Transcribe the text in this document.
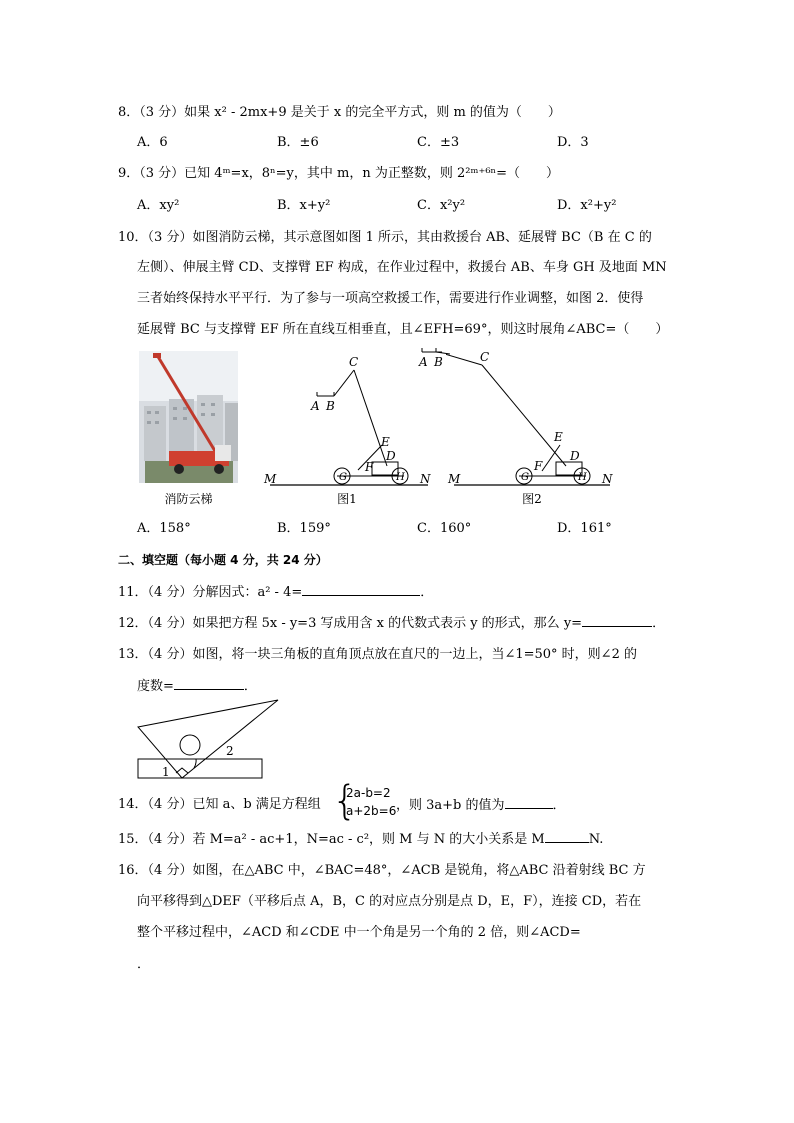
8．（3 分）如果 x² - 2mx+9 是关于 x 的完全平方式，则 m 的值为（　　）
A．6	B．±6	C．±3	D．3
9．（3 分）已知 4ᵐ=x，8ⁿ=y，其中 m，n 为正整数，则 2²ᵐ⁺⁶ⁿ=（　　）
A．xy²	B．x+y²	C．x²y²	D．x²+y²
10．（3 分）如图消防云梯，其示意图如图 1 所示，其由救援台 AB、延展臂 BC（B 在 C 的
左侧）、伸展主臂 CD、支撑臂 EF 构成，在作业过程中，救援台 AB、车身 GH 及地面 MN
三者始终保持水平平行．为了参与一项高空救援工作，需要进行作业调整，如图 2．使得
延展臂 BC 与支撑臂 EF 所在直线互相垂直，且∠EFH=69°，则这时展角∠ABC=（　　）
消防云梯
M	N
A B
C
E
D
F
G	H
图1
M	N
C
E
D
F
G	H
A B
图2
A．158°	B．159°	C．160°	D．161°
二、填空题（每小题 4 分，共 24 分）
11．（4 分）分解因式：a² - 4=	．
12．（4 分）如果把方程 5x - y=3 写成用含 x 的代数式表示 y 的形式，那么 y=	．
13．（4 分）如图，将一块三角板的直角顶点放在直尺的一边上，当∠1=50° 时，则∠2 的
度数=	．
1
2
14．（4 分）已知 a、b 满足方程组 {
2a-b=2
a+2b=6 ，则 3a+b 的值为	．
15．（4 分）若 M=a² - ac+1，N=ac - c²，则 M 与 N 的大小关系是 M	N.
16．（4 分）如图，在△ABC 中，∠BAC=48°，∠ACB 是锐角，将△ABC 沿着射线 BC 方
向平移得到△DEF（平移后点 A，B，C 的对应点分别是点 D，E，F），连接 CD，若在
整个平移过程中，∠ACD 和∠CDE 中一个角是另一个角的 2 倍，则∠ACD=
．
